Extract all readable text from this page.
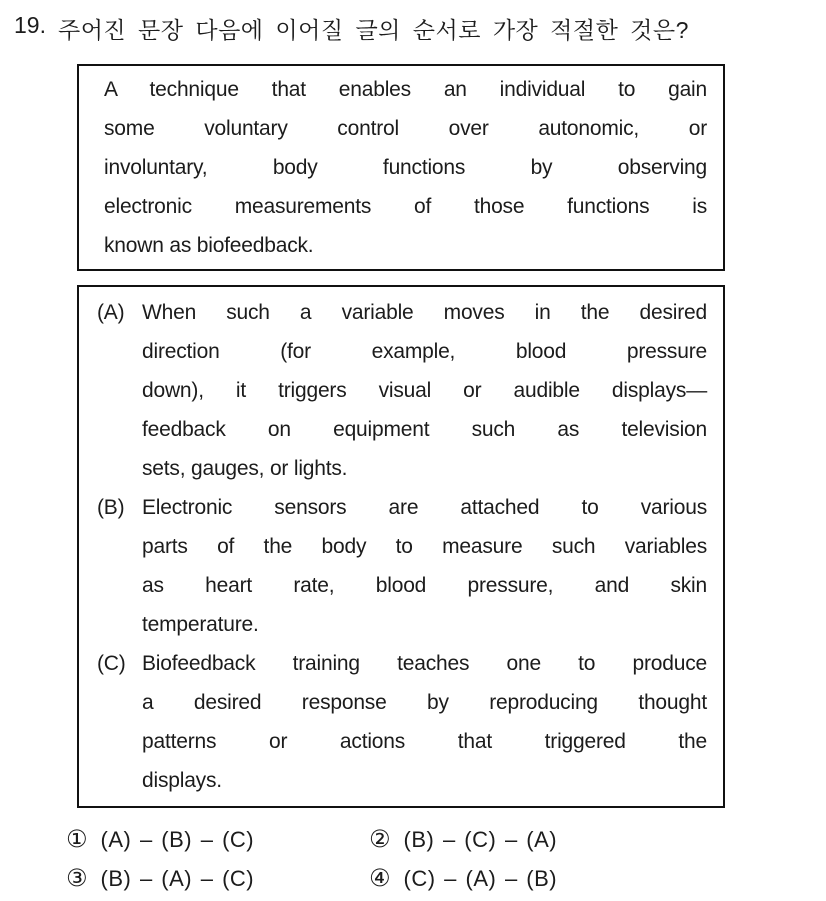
19. 주어진 문장 다음에 이어질 글의 순서로 가장 적절한 것은?
A technique that enables an individual to gain
some voluntary control over autonomic, or
involuntary, body functions by observing
electronic measurements of those functions is
known as biofeedback.
(A) When such a variable moves in the desired
direction (for example, blood pressure
down), it triggers visual or audible displays—
feedback on equipment such as television
sets, gauges, or lights.
(B) Electronic sensors are attached to various
parts of the body to measure such variables
as heart rate, blood pressure, and skin
temperature.
(C) Biofeedback training teaches one to produce
a desired response by reproducing thought
patterns or actions that triggered the
displays.
① (A) – (B) – (C)	② (B) – (C) – (A)
③ (B) – (A) – (C)	④ (C) – (A) – (B)
